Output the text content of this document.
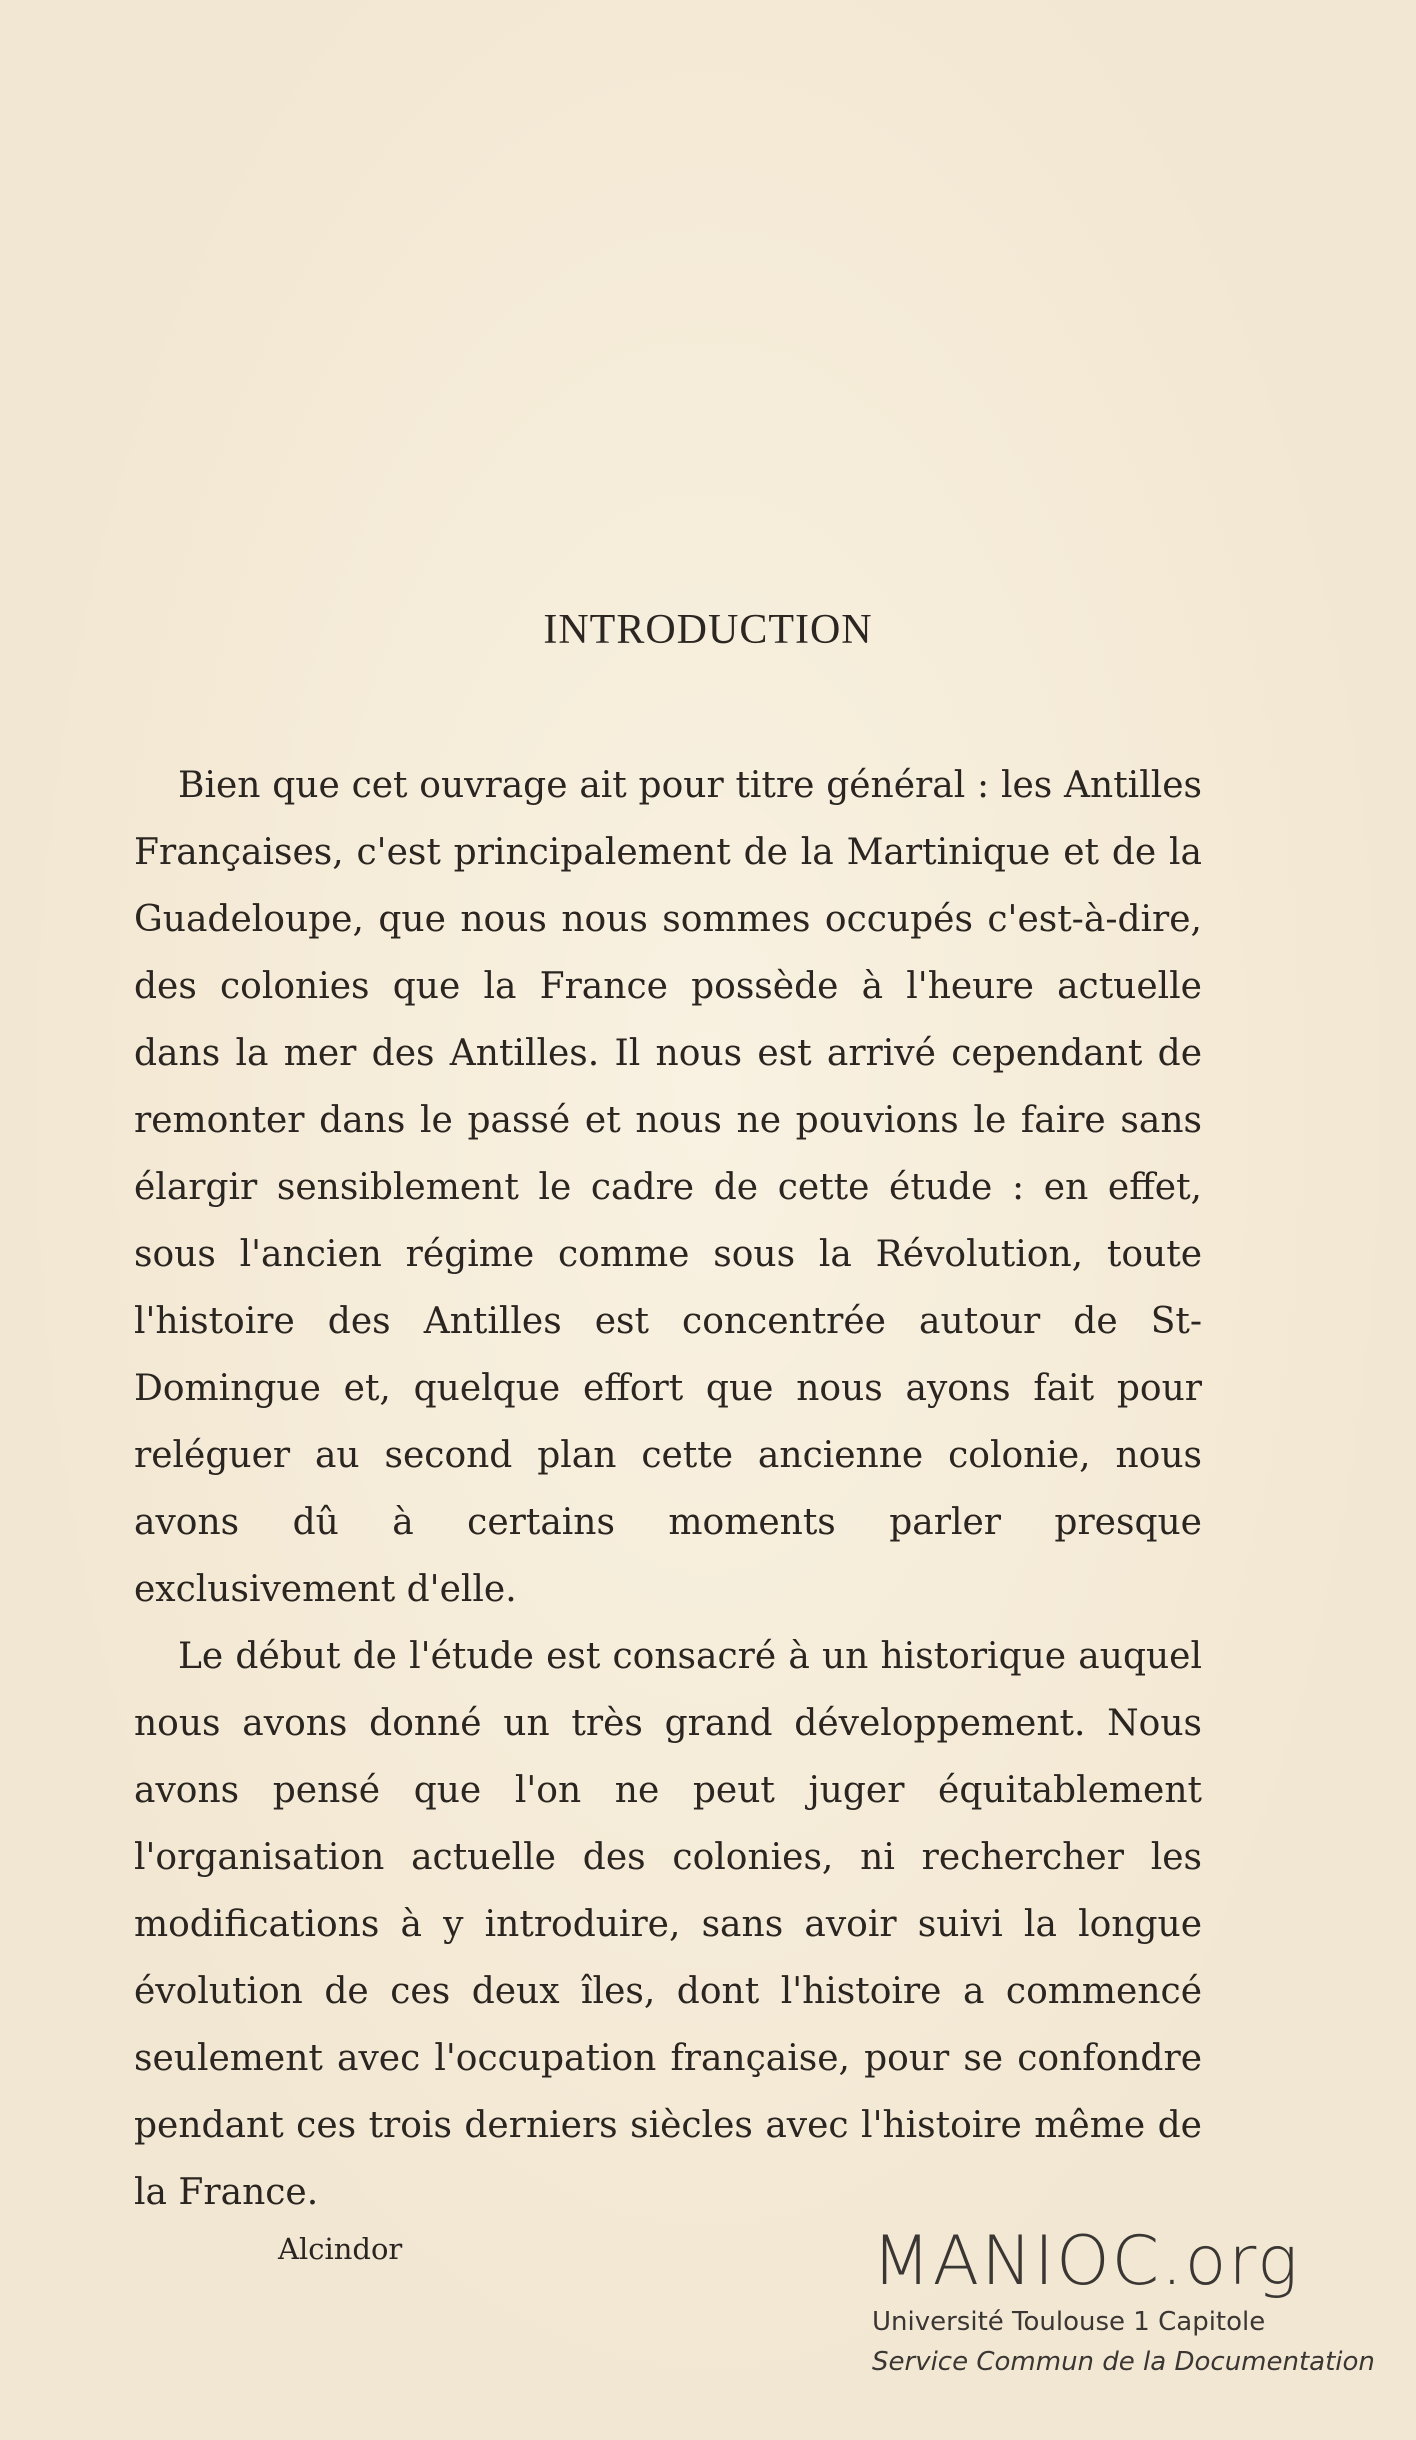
INTRODUCTION

Bien que cet ouvrage ait pour titre général : les Antilles Françaises, c'est principalement de la Martinique et de la Guadeloupe, que nous nous sommes occupés c'est-à-dire, des colonies que la France possède à l'heure actuelle dans la mer des Antilles. Il nous est arrivé cependant de remonter dans le passé et nous ne pouvions le faire sans élargir sensiblement le cadre de cette étude : en effet, sous l'ancien régime comme sous la Révolution, toute l'histoire des Antilles est concentrée autour de St-Domingue et, quelque effort que nous ayons fait pour reléguer au second plan cette ancienne colonie, nous avons dû à certains moments parler presque exclusivement d'elle.

Le début de l'étude est consacré à un historique auquel nous avons donné un très grand développement. Nous avons pensé que l'on ne peut juger équitablement l'organisation actuelle des colonies, ni rechercher les modifications à y introduire, sans avoir suivi la longue évolution de ces deux îles, dont l'histoire a commencé seulement avec l'occupation française, pour se confondre pendant ces trois derniers siècles avec l'histoire même de la France.

Alcindor	MANIOC.org
Université Toulouse 1 Capitole
Service Commun de la Documentation
